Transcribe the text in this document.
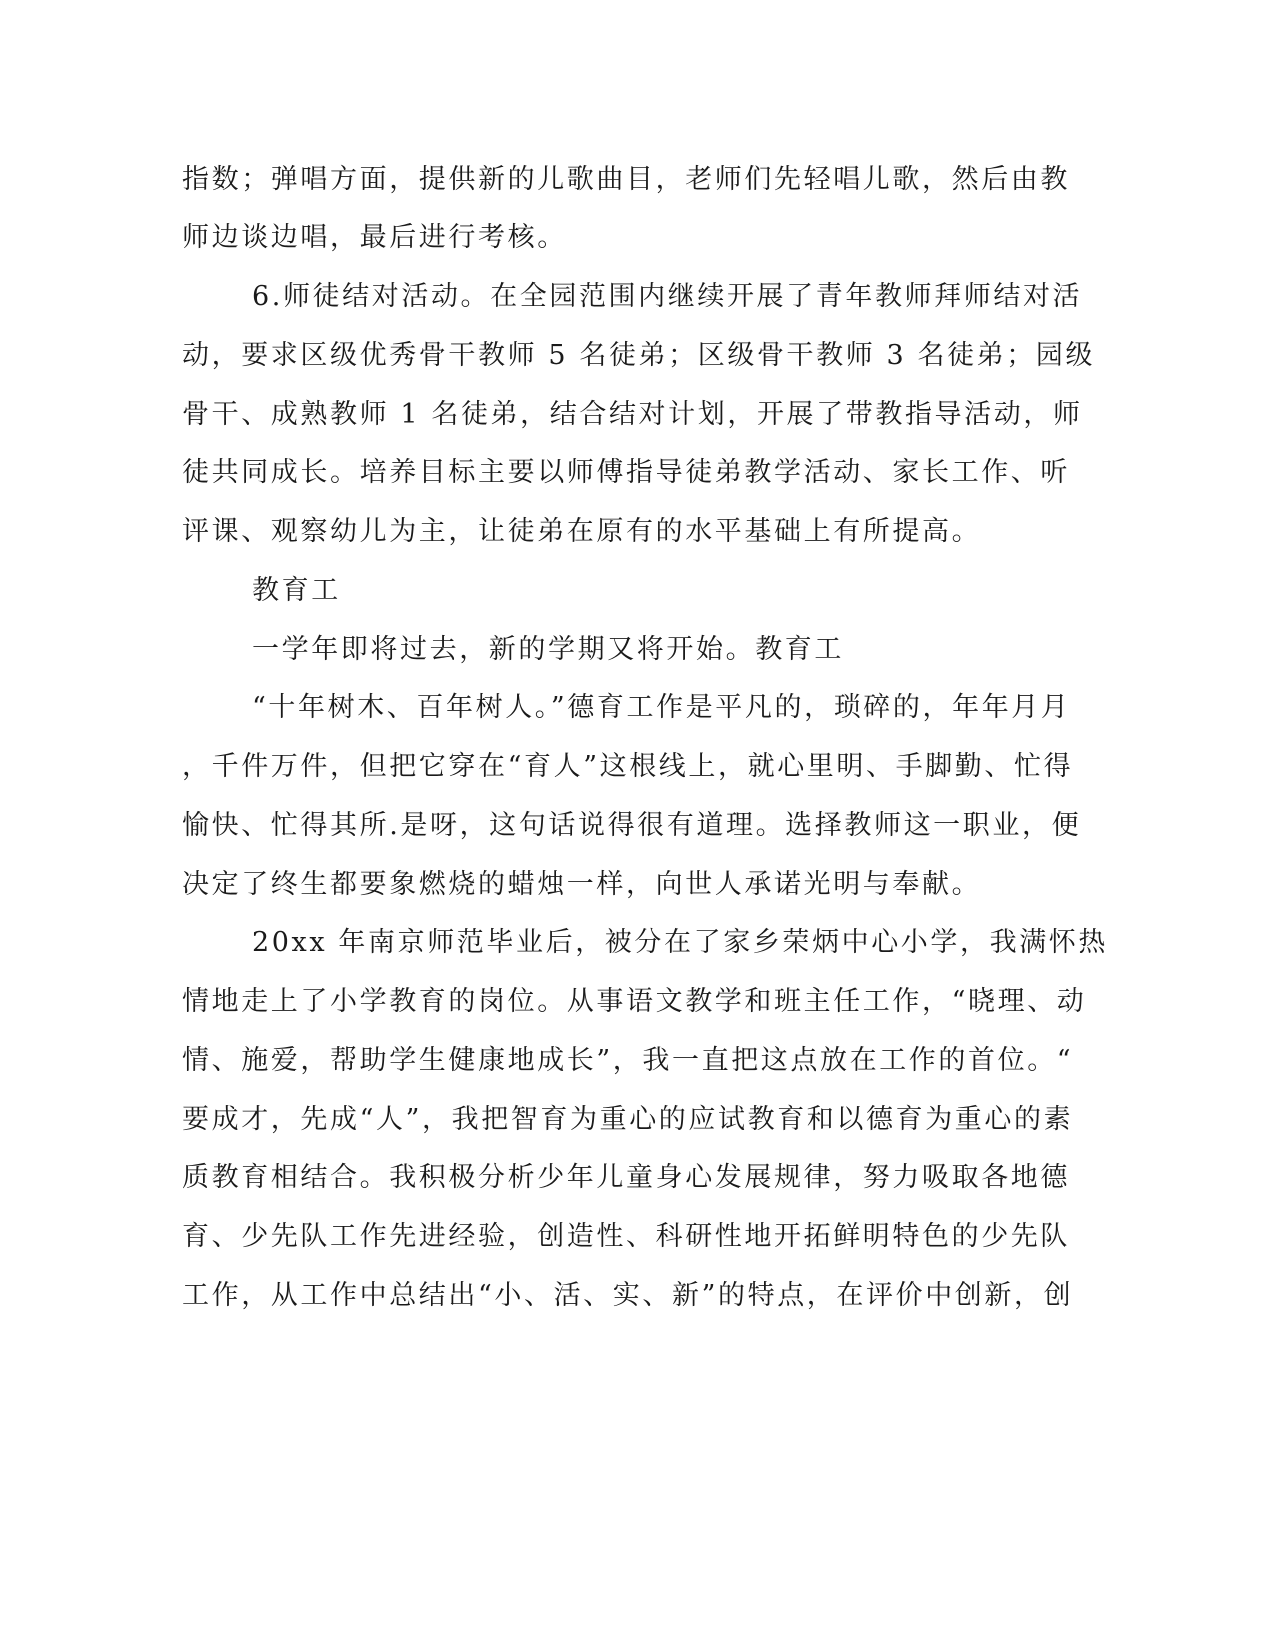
指数；弹唱方面，提供新的儿歌曲目，老师们先轻唱儿歌，然后由教
师边谈边唱，最后进行考核。
6.师徒结对活动。在全园范围内继续开展了青年教师拜师结对活
动，要求区级优秀骨干教师 5 名徒弟；区级骨干教师 3 名徒弟；园级
骨干、成熟教师 1 名徒弟，结合结对计划，开展了带教指导活动，师
徒共同成长。培养目标主要以师傅指导徒弟教学活动、家长工作、听
评课、观察幼儿为主，让徒弟在原有的水平基础上有所提高。
教育工
一学年即将过去，新的学期又将开始。教育工
“十年树木、百年树人。”德育工作是平凡的，琐碎的，年年月月
，千件万件，但把它穿在“育人”这根线上，就心里明、手脚勤、忙得
愉快、忙得其所.是呀，这句话说得很有道理。选择教师这一职业，便
决定了终生都要象燃烧的蜡烛一样，向世人承诺光明与奉献。
20xx 年南京师范毕业后，被分在了家乡荣炳中心小学，我满怀热
情地走上了小学教育的岗位。从事语文教学和班主任工作，“晓理、动
情、施爱，帮助学生健康地成长”，我一直把这点放在工作的首位。“
要成才，先成“人”，我把智育为重心的应试教育和以德育为重心的素
质教育相结合。我积极分析少年儿童身心发展规律，努力吸取各地德
育、少先队工作先进经验，创造性、科研性地开拓鲜明特色的少先队
工作，从工作中总结出“小、活、实、新”的特点，在评价中创新，创
